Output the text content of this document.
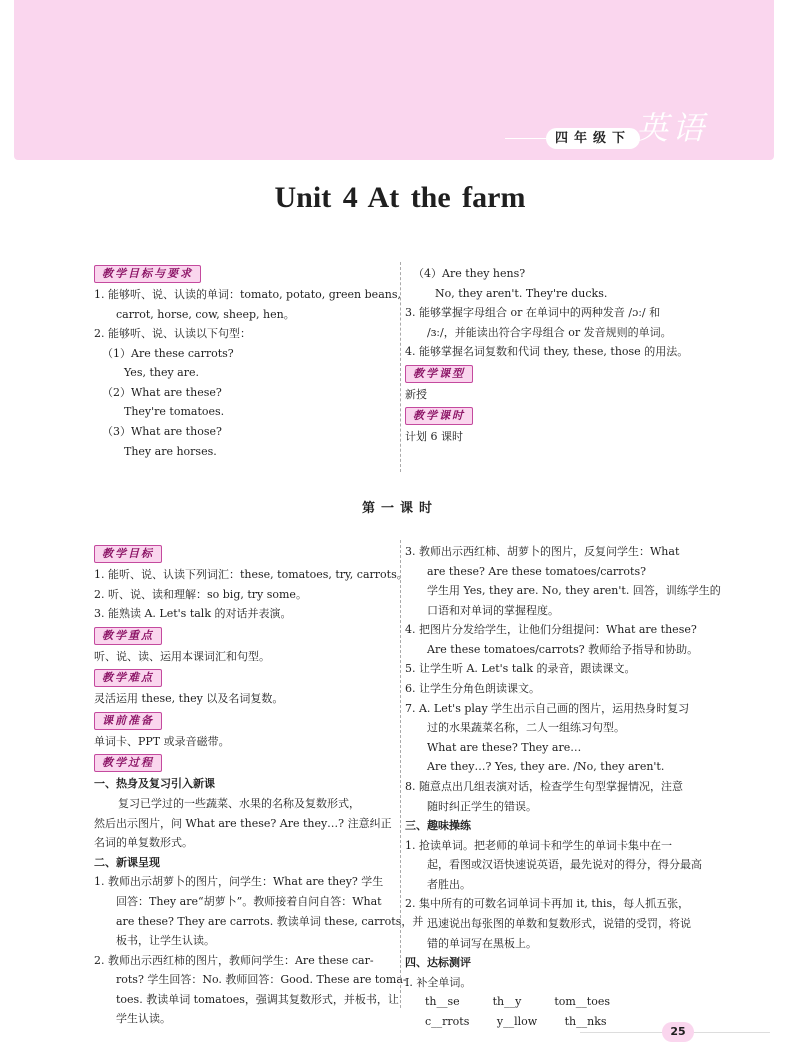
四年级下 英语
Unit 4 At the farm
教学目标与要求
1. 能够听、说、认读的单词：tomato, potato, green beans,
carrot, horse, cow, sheep, hen。
2. 能够听、说、认读以下句型：
（1）Are these carrots?
Yes, they are.
（2）What are these?
They're tomatoes.
（3）What are those?
They are horses.
（4）Are they hens?
No, they aren't. They're ducks.
3. 能够掌握字母组合 or 在单词中的两种发音 /ɔː/ 和
/ɜː/，并能读出符合字母组合 or 发音规则的单词。
4. 能够掌握名词复数和代词 they, these, those 的用法。
教学课型
新授
教学课时
计划 6 课时
第一课时
教学目标
1. 能听、说、认读下列词汇：these, tomatoes, try, carrots。
2. 听、说、读和理解：so big, try some。
3. 能熟读 A. Let's talk 的对话并表演。
教学重点
听、说、读、运用本课词汇和句型。
教学难点
灵活运用 these, they 以及名词复数。
课前准备
单词卡、PPT 或录音磁带。
教学过程
一、热身及复习引入新课
复习已学过的一些蔬菜、水果的名称及复数形式，
然后出示图片，问 What are these? Are they…? 注意纠正
名词的单复数形式。
二、新课呈现
1. 教师出示胡萝卜的图片，问学生：What are they? 学生
回答：They are“胡萝卜”。教师接着自问自答：What
are these? They are carrots. 教读单词 these, carrots，并
板书，让学生认读。
2. 教师出示西红柿的图片，教师问学生：Are these car-
rots? 学生回答：No. 教师回答：Good. These are toma-
toes. 教读单词 tomatoes，强调其复数形式，并板书，让
学生认读。
3. 教师出示西红柿、胡萝卜的图片，反复问学生：What
are these? Are these tomatoes/carrots?
学生用 Yes, they are. No, they aren't. 回答，训练学生的
口语和对单词的掌握程度。
4. 把图片分发给学生，让他们分组提问：What are these?
Are these tomatoes/carrots? 教师给予指导和协助。
5. 让学生听 A. Let's talk 的录音，跟读课文。
6. 让学生分角色朗读课文。
7. A. Let's play 学生出示自己画的图片，运用热身时复习
过的水果蔬菜名称，二人一组练习句型。
What are these? They are…
Are they…? Yes, they are. /No, they aren't.
8. 随意点出几组表演对话，检查学生句型掌握情况，注意
随时纠正学生的错误。
三、趣味操练
1. 抢读单词。把老师的单词卡和学生的单词卡集中在一
起，看图或汉语快速说英语，最先说对的得分，得分最高
者胜出。
2. 集中所有的可数名词单词卡再加 it, this，每人抓五张，
迅速说出每张图的单数和复数形式，说错的受罚，将说
错的单词写在黑板上。
四、达标测评
Ⅰ. 补全单词。
th__se      th__y      tom__toes
c__rrots     y__llow     th__nks
25
